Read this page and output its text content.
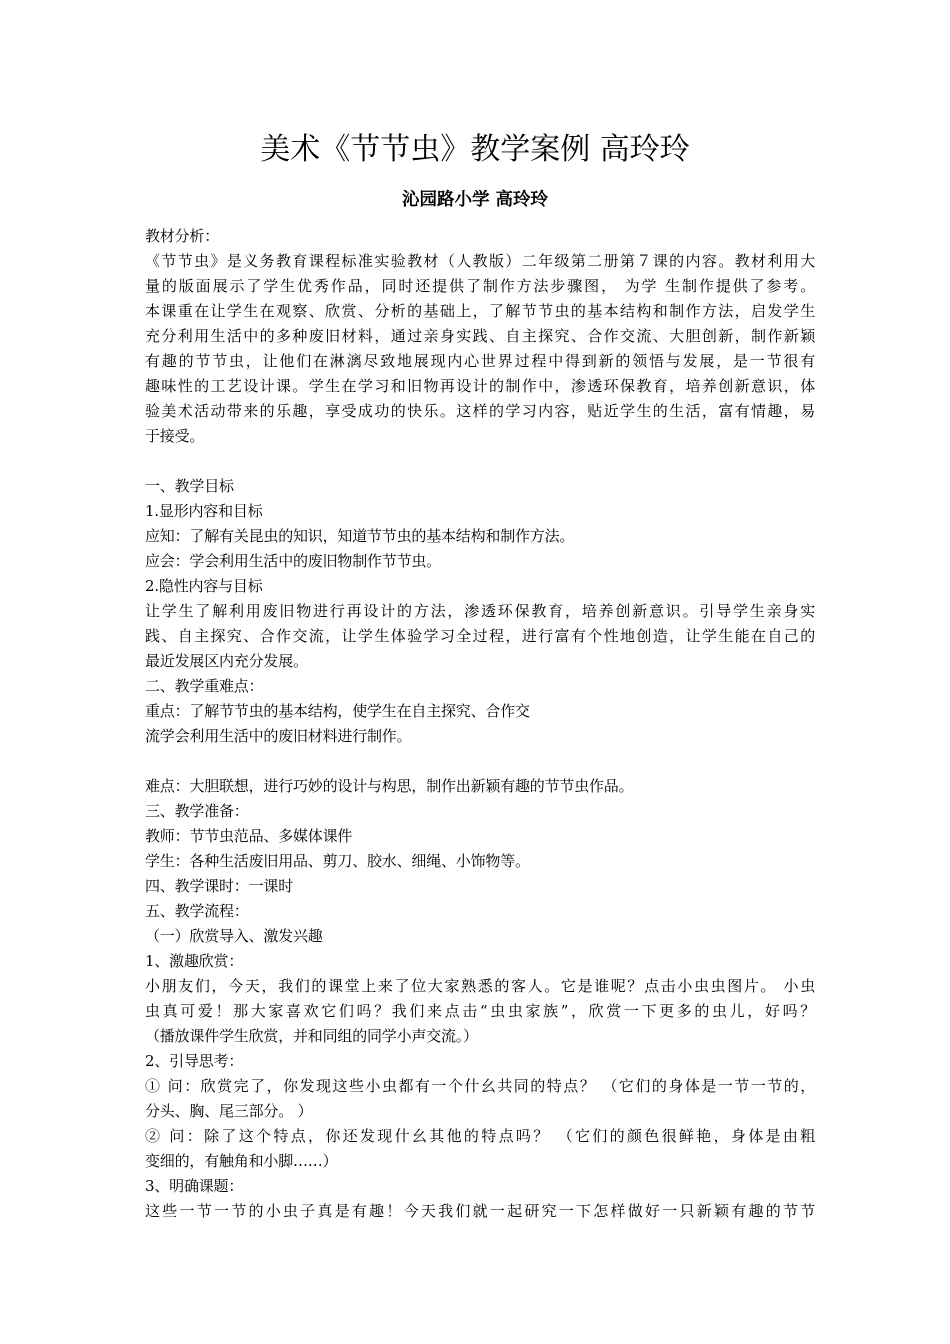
美术《节节虫》教学案例 高玲玲
沁园路小学 高玲玲
教材分析：
《节节虫》是义务教育课程标准实验教材（人教版）二年级第二册第７课的内容。教材利用大
量的版面展示了学生优秀作品，同时还提供了制作方法步骤图， 为学 生制作提供了参考。
本课重在让学生在观察、欣赏、分析的基础上，了解节节虫的基本结构和制作方法，启发学生
充分利用生活中的多种废旧材料，通过亲身实践、自主探究、合作交流、大胆创新，制作新颖
有趣的节节虫，让他们在淋漓尽致地展现内心世界过程中得到新的领悟与发展，是一节很有
趣味性的工艺设计课。学生在学习和旧物再设计的制作中，渗透环保教育，培养创新意识，体
验美术活动带来的乐趣，享受成功的快乐。这样的学习内容，贴近学生的生活，富有情趣，易
于接受。
一、教学目标
1.显形内容和目标
应知：了解有关昆虫的知识，知道节节虫的基本结构和制作方法。
应会：学会利用生活中的废旧物制作节节虫。
2.隐性内容与目标
让学生了解利用废旧物进行再设计的方法，渗透环保教育，培养创新意识。引导学生亲身实
践、自主探究、合作交流，让学生体验学习全过程，进行富有个性地创造，让学生能在自己的
最近发展区内充分发展。
二、教学重难点：
重点：了解节节虫的基本结构，使学生在自主探究、合作交
流学会利用生活中的废旧材料进行制作。
难点：大胆联想，进行巧妙的设计与构思，制作出新颖有趣的节节虫作品。
三、教学准备：
教师：节节虫范品、多媒体课件
学生：各种生活废旧用品、剪刀、胶水、细绳、小饰物等。
四、教学课时：一课时
五、教学流程：
（一）欣赏导入、激发兴趣
1、激趣欣赏：
小朋友们，今天，我们的课堂上来了位大家熟悉的客人。它是谁呢？点击小虫虫图片。 小虫
虫真可爱！那大家喜欢它们吗？我们来点击“虫虫家族”，欣赏一下更多的虫儿，好吗？
（播放课件学生欣赏，并和同组的同学小声交流。）
2、引导思考：
① 问：欣赏完了，你发现这些小虫都有一个什幺共同的特点？ （它们的身体是一节一节的，
分头、胸、尾三部分。 ）
② 问：除了这个特点，你还发现什幺其他的特点吗？ （它们的颜色很鲜艳，身体是由粗
变细的，有触角和小脚……）
3、明确课题：
这些一节一节的小虫子真是有趣！今天我们就一起研究一下怎样做好一只新颖有趣的节节
